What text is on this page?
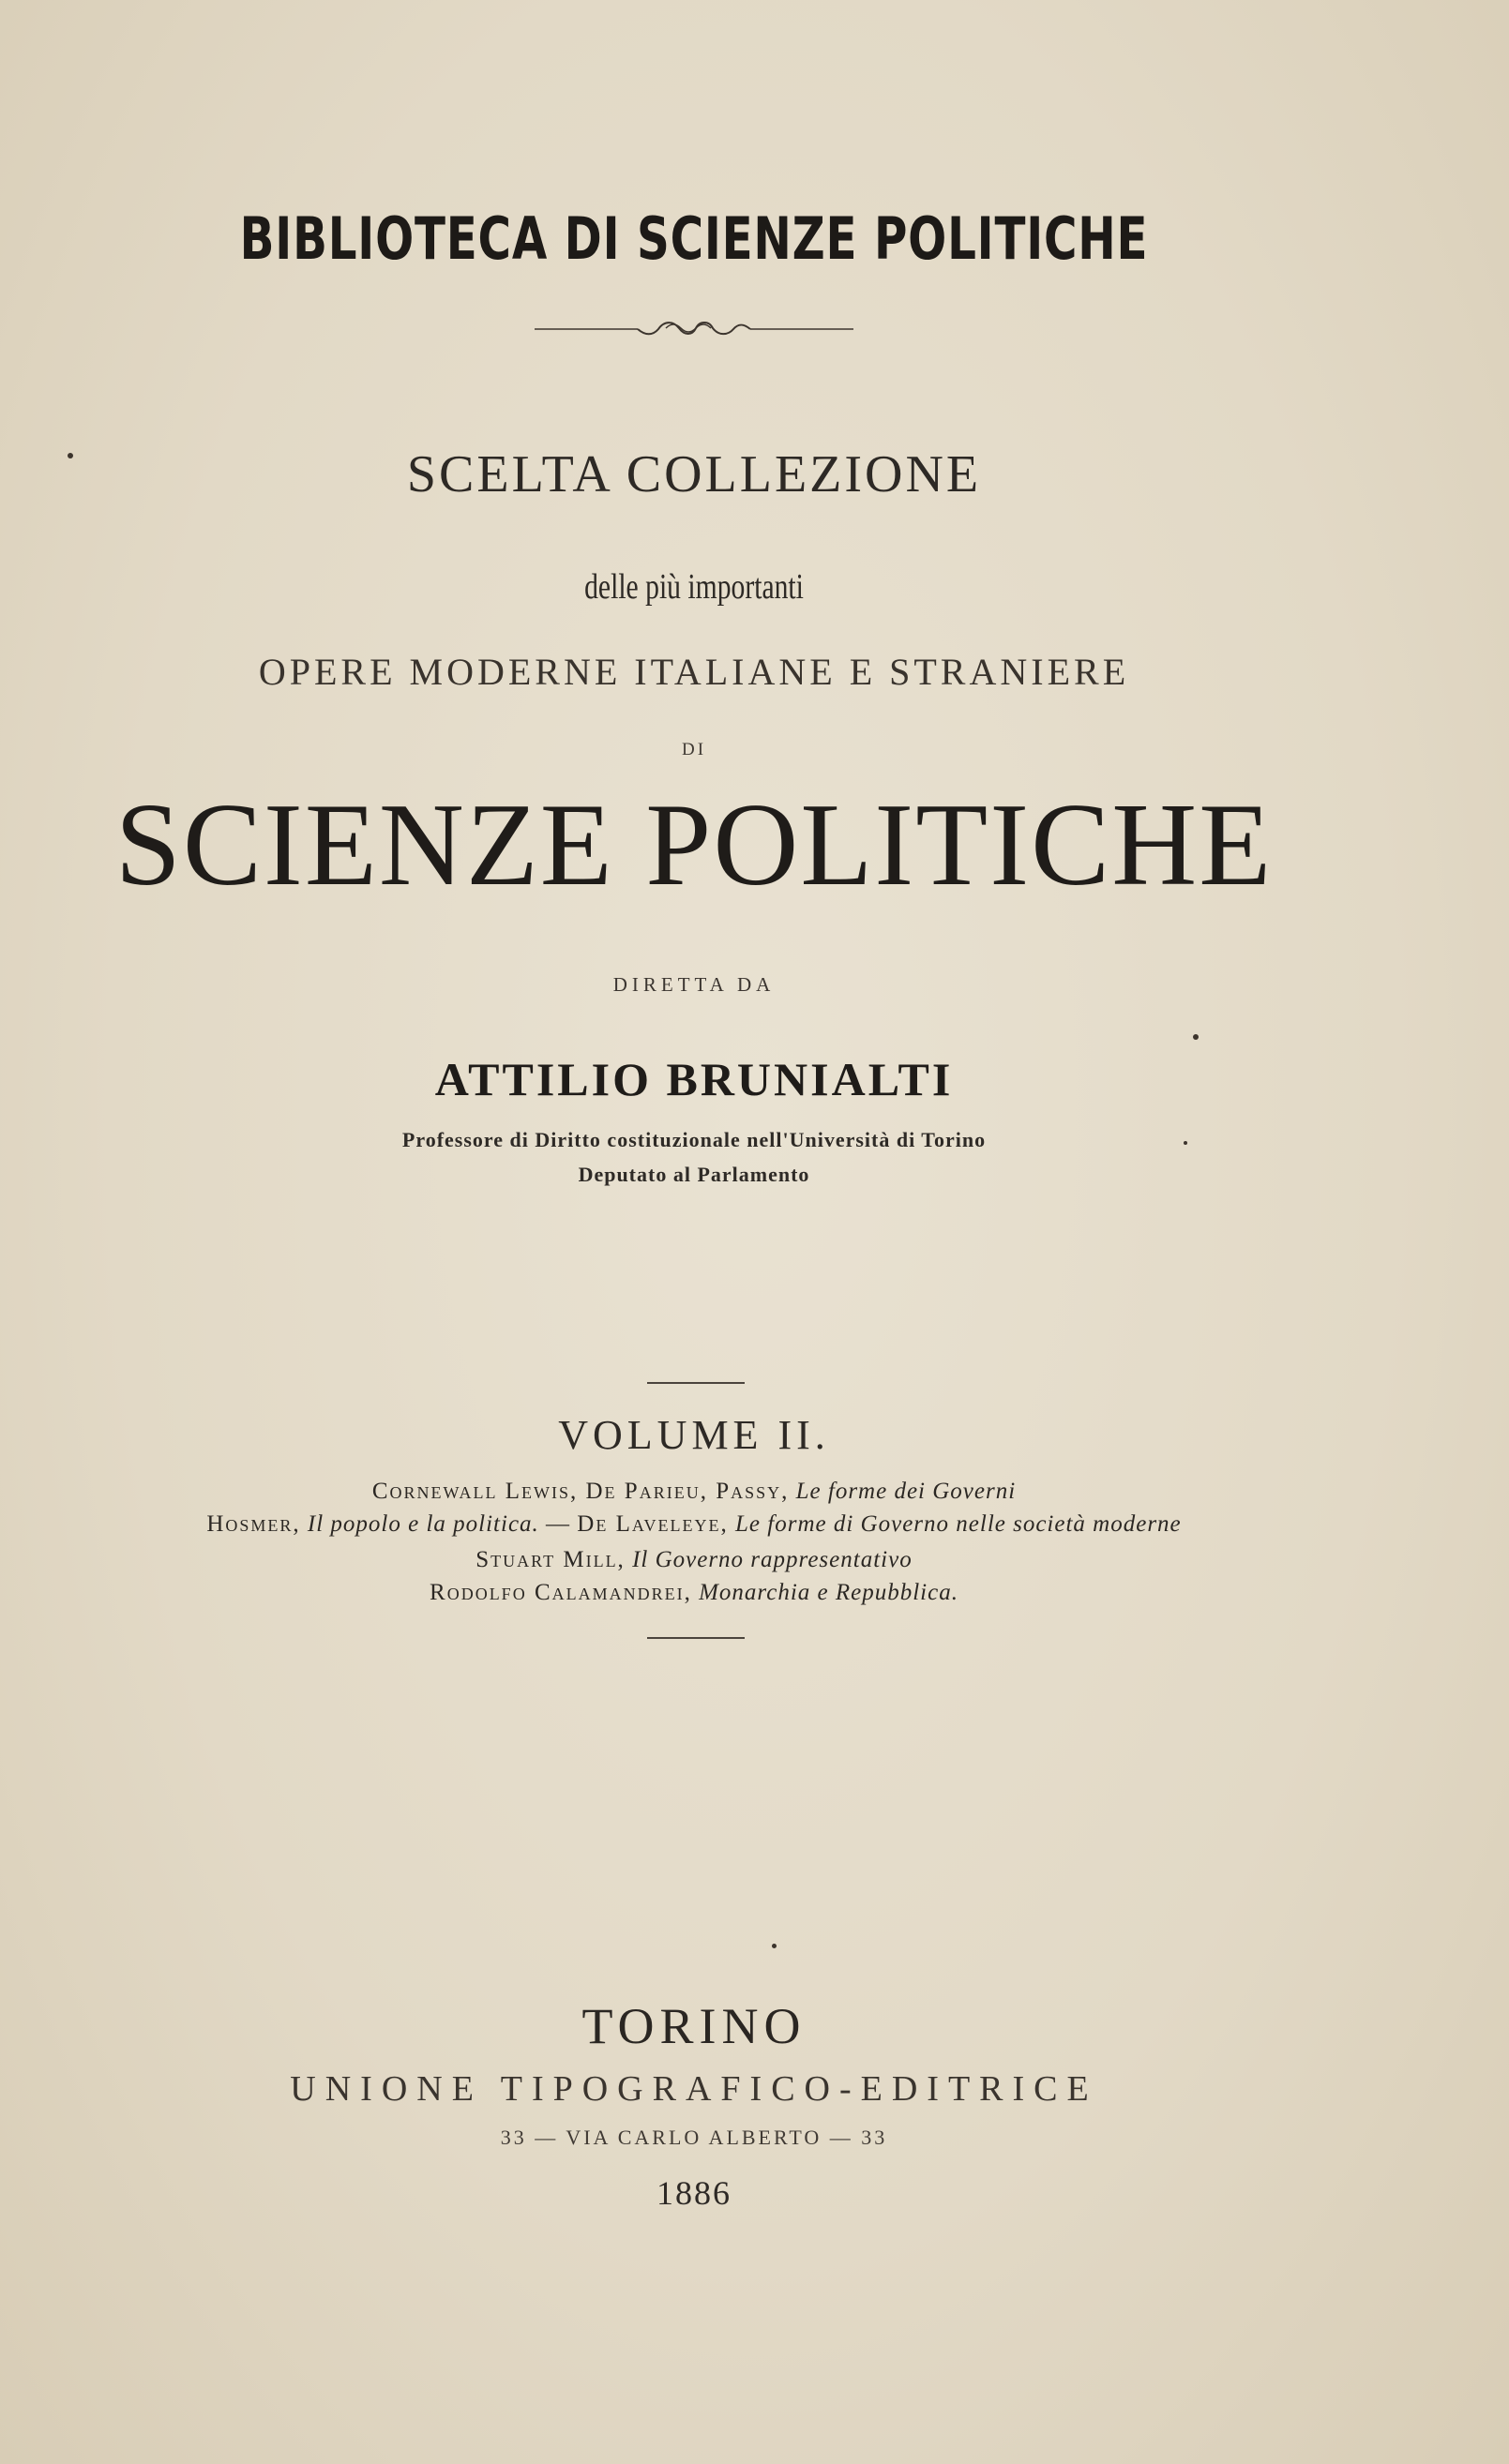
BIBLIOTECA DI SCIENZE POLITICHE
SCELTA COLLEZIONE
delle più importanti
OPERE MODERNE ITALIANE E STRANIERE
DI
SCIENZE POLITICHE
DIRETTA DA
ATTILIO BRUNIALTI
Professore di Diritto costituzionale nell'Università di Torino
Deputato al Parlamento
VOLUME II.
Cornewall Lewis, De Parieu, Passy, Le forme dei Governi
Hosmer, Il popolo e la politica. — De Laveleye, Le forme di Governo nelle società moderne
Stuart Mill, Il Governo rappresentativo
Rodolfo Calamandrei, Monarchia e Repubblica.
TORINO
UNIONE TIPOGRAFICO-EDITRICE
33 — VIA CARLO ALBERTO — 33
1886
